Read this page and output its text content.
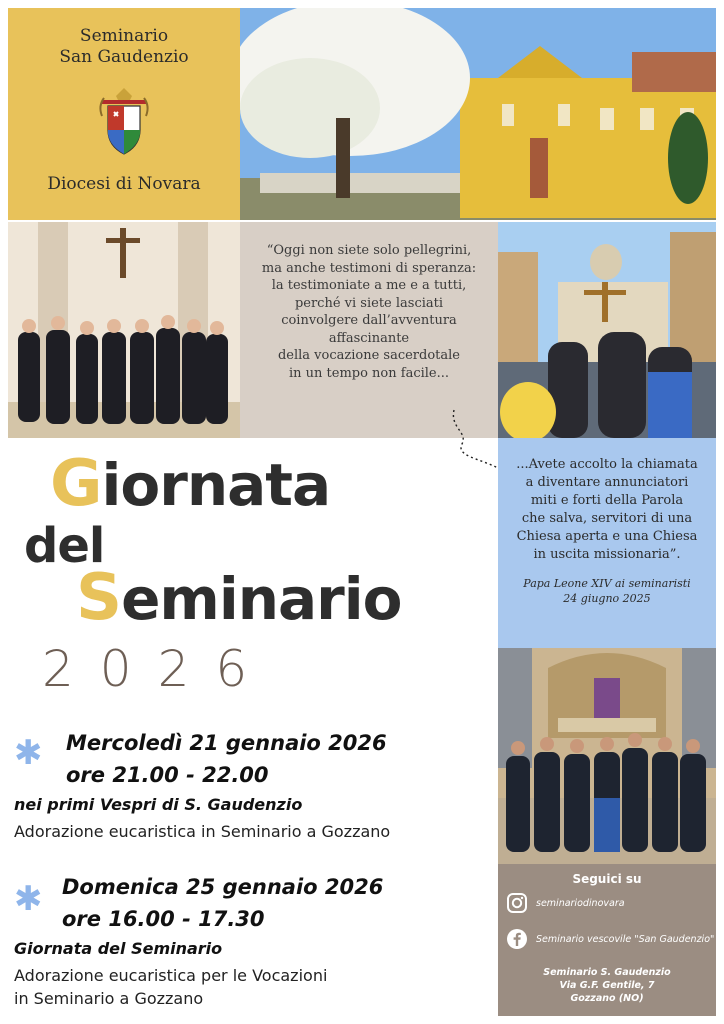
Seminario
San Gaudenzio
Diocesi di Novara
“Oggi non siete solo pellegrini,
ma anche testimoni di speranza:
la testimoniate a me e a tutti,
perché vi siete lasciati
coinvolgere dall’avventura
affascinante
della vocazione sacerdotale
in un tempo non facile...
...Avete accolto la chiamata
a diventare annunciatori
miti e forti della Parola
che salva, servitori di una
Chiesa aperta e una Chiesa
in uscita missionaria”.
Papa Leone XIV ai seminaristi
24 giugno 2025
Giornata
del
Seminario
2026
✱ Mercoledì 21 gennaio 2026
ore 21.00 - 22.00
nei primi Vespri di S. Gaudenzio
Adorazione eucaristica in Seminario a Gozzano
✱ Domenica 25 gennaio 2026
ore 16.00 - 17.30
Giornata del Seminario
Adorazione eucaristica per le Vocazioni
in Seminario a Gozzano
Seguici su
seminariodinovara
Seminario vescovile "San Gaudenzio"
Seminario S. Gaudenzio
Via G.F. Gentile, 7
Gozzano (NO)
